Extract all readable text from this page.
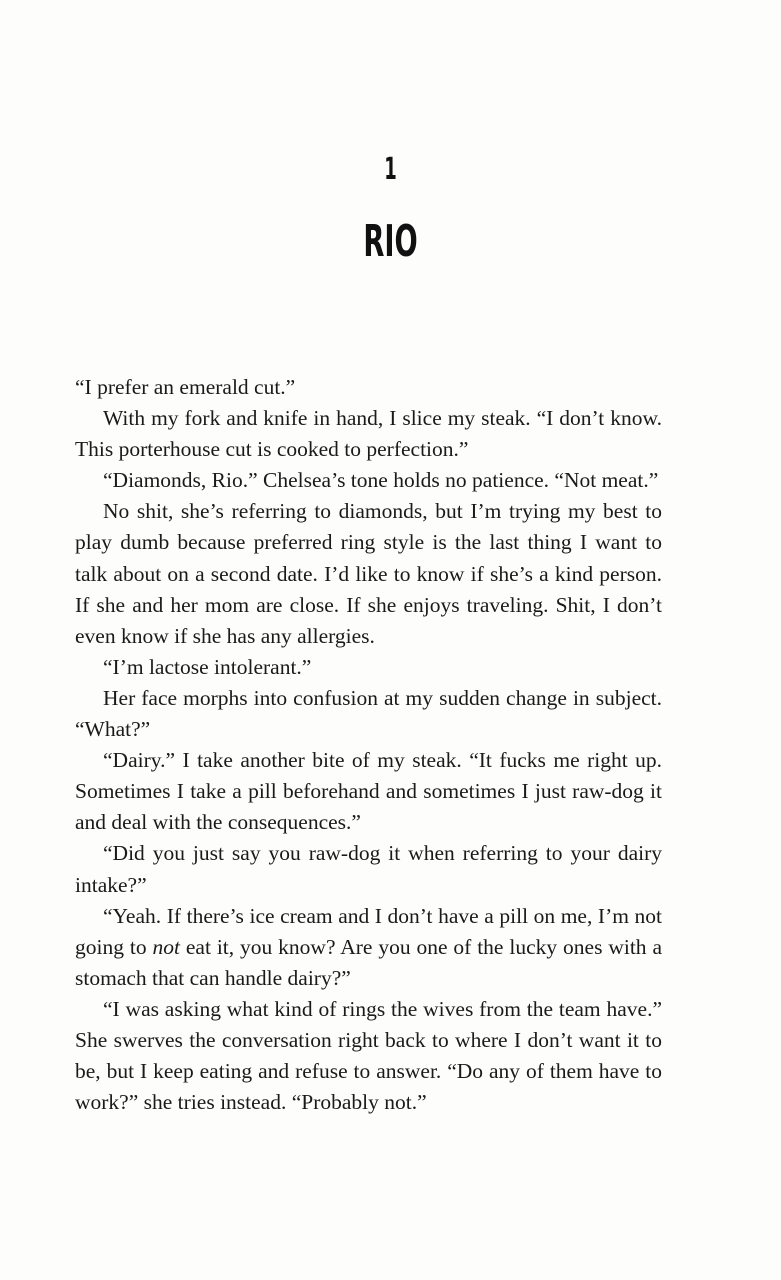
1
RIO

“I prefer an emerald cut.”

With my fork and knife in hand, I slice my steak. “I don’t know. This porterhouse cut is cooked to perfection.”

“Diamonds, Rio.” Chelsea’s tone holds no patience. “Not meat.”

No shit, she’s referring to diamonds, but I’m trying my best to play dumb because preferred ring style is the last thing I want to talk about on a second date. I’d like to know if she’s a kind person. If she and her mom are close. If she enjoys traveling. Shit, I don’t even know if she has any allergies.

“I’m lactose intolerant.”

Her face morphs into confusion at my sudden change in subject. “What?”

“Dairy.” I take another bite of my steak. “It fucks me right up. Sometimes I take a pill beforehand and sometimes I just raw-dog it and deal with the consequences.”

“Did you just say you raw-dog it when referring to your dairy intake?”

“Yeah. If there’s ice cream and I don’t have a pill on me, I’m not going to not eat it, you know? Are you one of the lucky ones with a stomach that can handle dairy?”

“I was asking what kind of rings the wives from the team have.” She swerves the conversation right back to where I don’t want it to be, but I keep eating and refuse to answer. “Do any of them have to work?” she tries instead. “Probably not.”
